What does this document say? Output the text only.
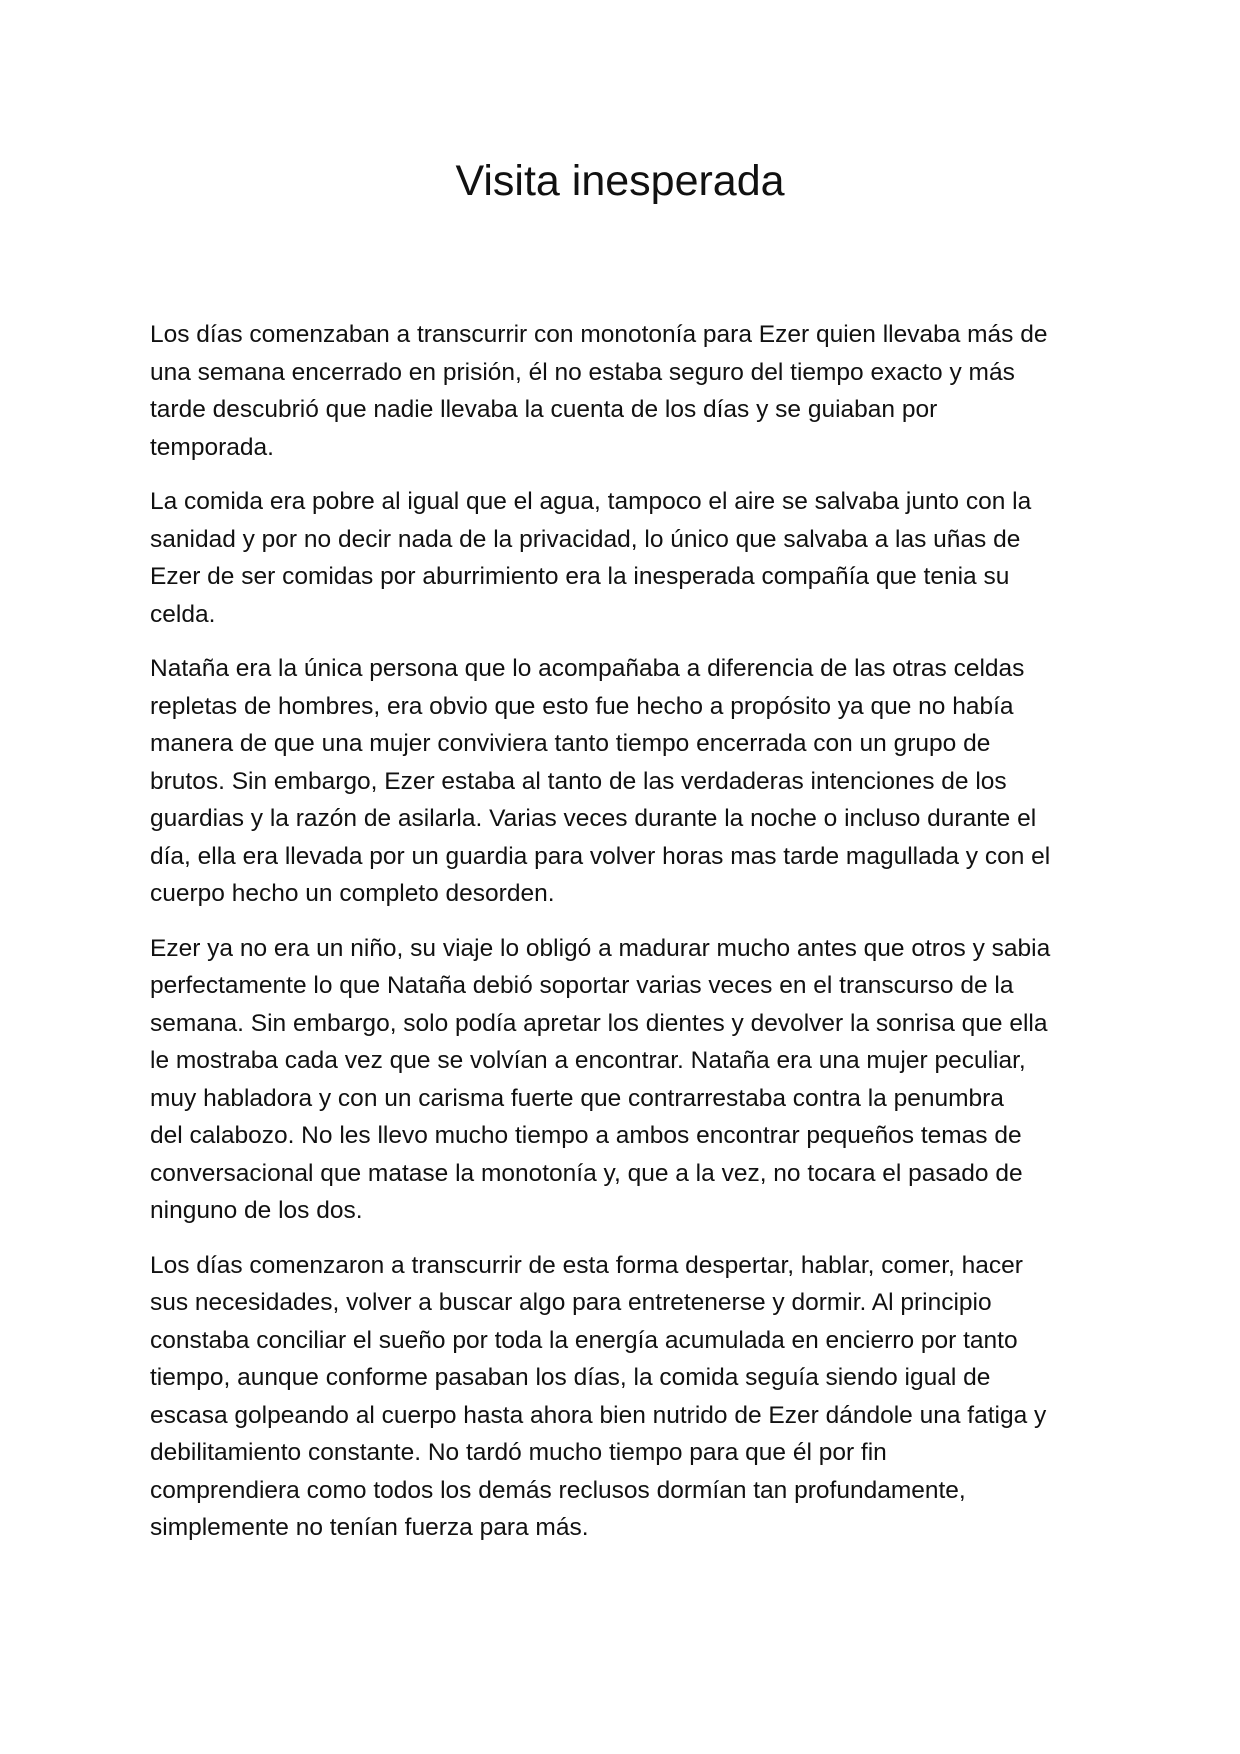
Visita inesperada

Los días comenzaban a transcurrir con monotonía para Ezer quien llevaba más de
una semana encerrado en prisión, él no estaba seguro del tiempo exacto y más
tarde descubrió que nadie llevaba la cuenta de los días y se guiaban por
temporada.

La comida era pobre al igual que el agua, tampoco el aire se salvaba junto con la
sanidad y por no decir nada de la privacidad, lo único que salvaba a las uñas de
Ezer de ser comidas por aburrimiento era la inesperada compañía que tenia su
celda.

Nataña era la única persona que lo acompañaba a diferencia de las otras celdas
repletas de hombres, era obvio que esto fue hecho a propósito ya que no había
manera de que una mujer conviviera tanto tiempo encerrada con un grupo de
brutos. Sin embargo, Ezer estaba al tanto de las verdaderas intenciones de los
guardias y la razón de asilarla. Varias veces durante la noche o incluso durante el
día, ella era llevada por un guardia para volver horas mas tarde magullada y con el
cuerpo hecho un completo desorden.

Ezer ya no era un niño, su viaje lo obligó a madurar mucho antes que otros y sabia
perfectamente lo que Nataña debió soportar varias veces en el transcurso de la
semana. Sin embargo, solo podía apretar los dientes y devolver la sonrisa que ella
le mostraba cada vez que se volvían a encontrar. Nataña era una mujer peculiar,
muy habladora y con un carisma fuerte que contrarrestaba contra la penumbra
del calabozo. No les llevo mucho tiempo a ambos encontrar pequeños temas de
conversacional que matase la monotonía y, que a la vez, no tocara el pasado de
ninguno de los dos.

Los días comenzaron a transcurrir de esta forma despertar, hablar, comer, hacer
sus necesidades, volver a buscar algo para entretenerse y dormir. Al principio
constaba conciliar el sueño por toda la energía acumulada en encierro por tanto
tiempo, aunque conforme pasaban los días, la comida seguía siendo igual de
escasa golpeando al cuerpo hasta ahora bien nutrido de Ezer dándole una fatiga y
debilitamiento constante. No tardó mucho tiempo para que él por fin
comprendiera como todos los demás reclusos dormían tan profundamente,
simplemente no tenían fuerza para más.
